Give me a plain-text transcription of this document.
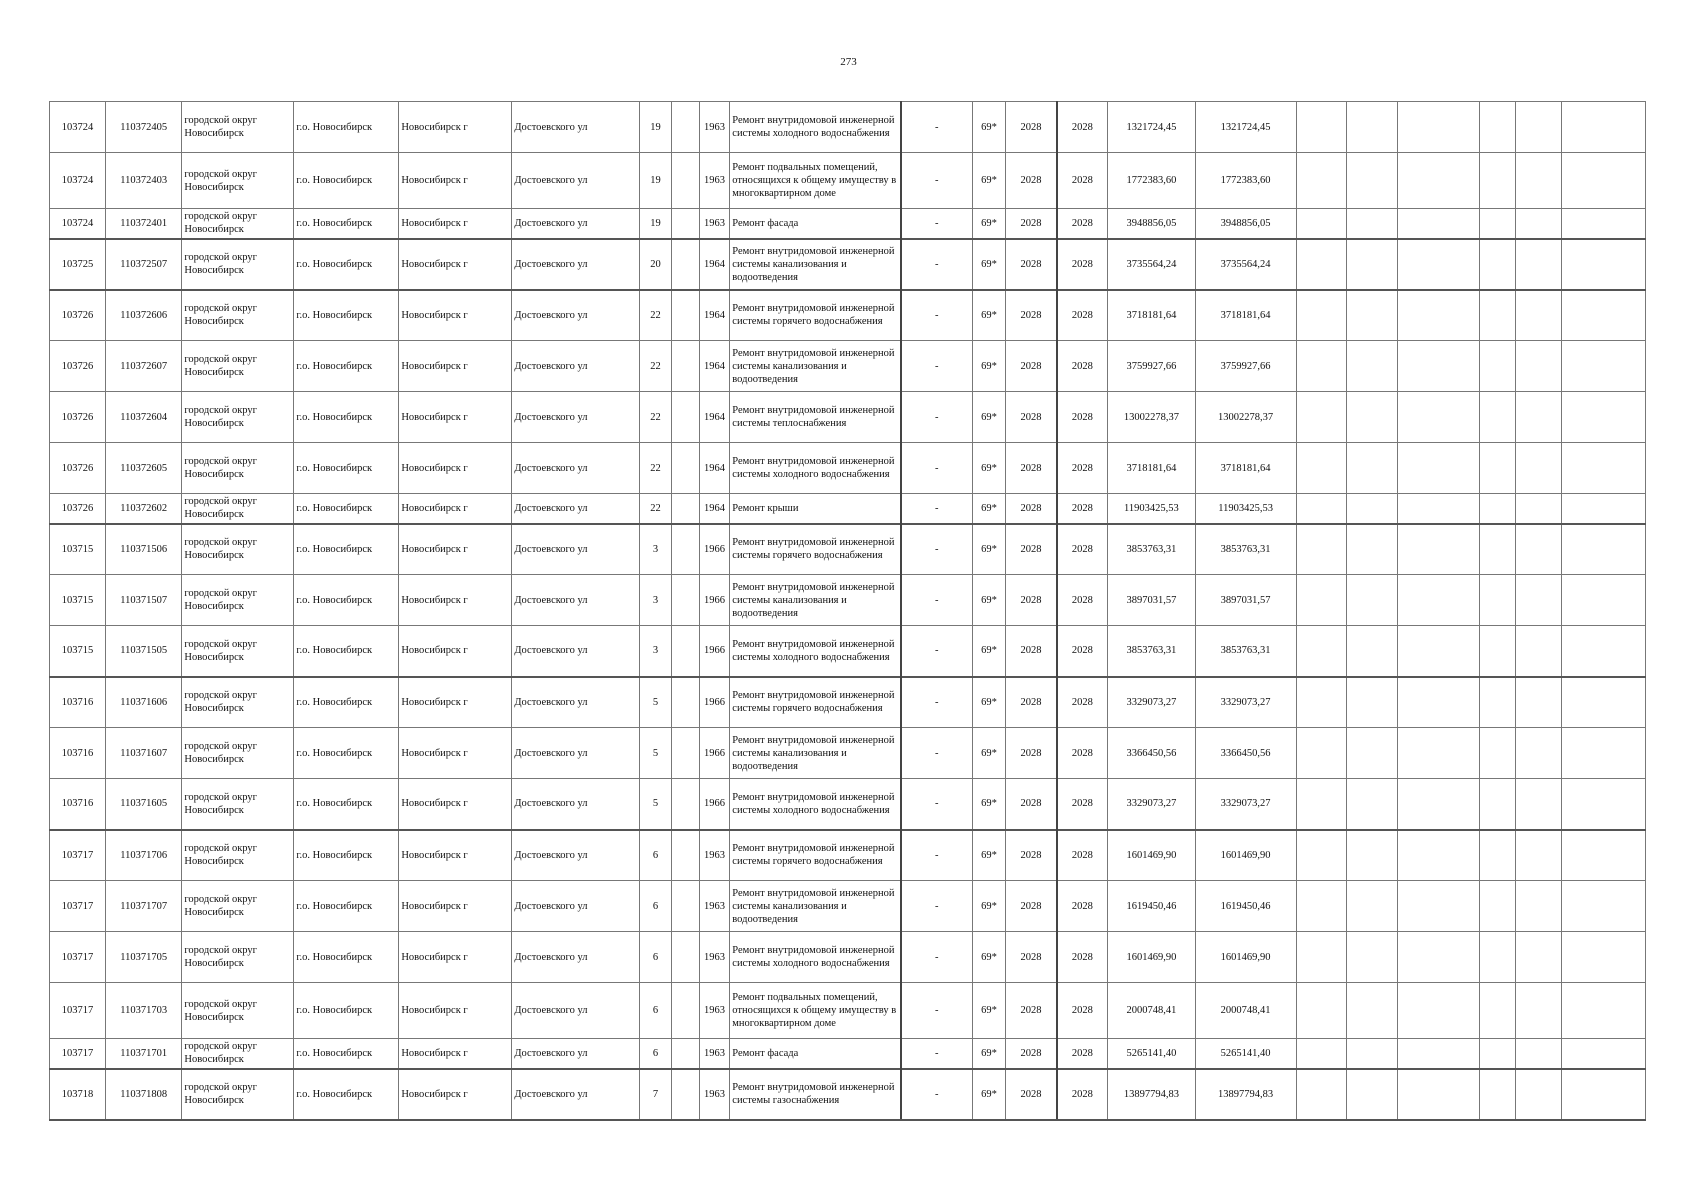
273
103724	110372405	городской округ Новосибирск	г.о. Новосибирск	Новосибирск г	Достоевского ул	19		1963	Ремонт внутридомовой инженерной системы холодного водоснабжения	-	69*	2028	2028	1321724,45	1321724,45						
103724	110372403	городской округ Новосибирск	г.о. Новосибирск	Новосибирск г	Достоевского ул	19		1963	Ремонт подвальных помещений, относящихся к общему имуществу в многоквартирном доме	-	69*	2028	2028	1772383,60	1772383,60						
103724	110372401	городской округ Новосибирск	г.о. Новосибирск	Новосибирск г	Достоевского ул	19		1963	Ремонт фасада	-	69*	2028	2028	3948856,05	3948856,05						
103725	110372507	городской округ Новосибирск	г.о. Новосибирск	Новосибирск г	Достоевского ул	20		1964	Ремонт внутридомовой инженерной системы канализования и водоотведения	-	69*	2028	2028	3735564,24	3735564,24						
103726	110372606	городской округ Новосибирск	г.о. Новосибирск	Новосибирск г	Достоевского ул	22		1964	Ремонт внутридомовой инженерной системы горячего водоснабжения	-	69*	2028	2028	3718181,64	3718181,64						
103726	110372607	городской округ Новосибирск	г.о. Новосибирск	Новосибирск г	Достоевского ул	22		1964	Ремонт внутридомовой инженерной системы канализования и водоотведения	-	69*	2028	2028	3759927,66	3759927,66						
103726	110372604	городской округ Новосибирск	г.о. Новосибирск	Новосибирск г	Достоевского ул	22		1964	Ремонт внутридомовой инженерной системы теплоснабжения	-	69*	2028	2028	13002278,37	13002278,37						
103726	110372605	городской округ Новосибирск	г.о. Новосибирск	Новосибирск г	Достоевского ул	22		1964	Ремонт внутридомовой инженерной системы холодного водоснабжения	-	69*	2028	2028	3718181,64	3718181,64						
103726	110372602	городской округ Новосибирск	г.о. Новосибирск	Новосибирск г	Достоевского ул	22		1964	Ремонт крыши	-	69*	2028	2028	11903425,53	11903425,53						
103715	110371506	городской округ Новосибирск	г.о. Новосибирск	Новосибирск г	Достоевского ул	3		1966	Ремонт внутридомовой инженерной системы горячего водоснабжения	-	69*	2028	2028	3853763,31	3853763,31						
103715	110371507	городской округ Новосибирск	г.о. Новосибирск	Новосибирск г	Достоевского ул	3		1966	Ремонт внутридомовой инженерной системы канализования и водоотведения	-	69*	2028	2028	3897031,57	3897031,57						
103715	110371505	городской округ Новосибирск	г.о. Новосибирск	Новосибирск г	Достоевского ул	3		1966	Ремонт внутридомовой инженерной системы холодного водоснабжения	-	69*	2028	2028	3853763,31	3853763,31						
103716	110371606	городской округ Новосибирск	г.о. Новосибирск	Новосибирск г	Достоевского ул	5		1966	Ремонт внутридомовой инженерной системы горячего водоснабжения	-	69*	2028	2028	3329073,27	3329073,27						
103716	110371607	городской округ Новосибирск	г.о. Новосибирск	Новосибирск г	Достоевского ул	5		1966	Ремонт внутридомовой инженерной системы канализования и водоотведения	-	69*	2028	2028	3366450,56	3366450,56						
103716	110371605	городской округ Новосибирск	г.о. Новосибирск	Новосибирск г	Достоевского ул	5		1966	Ремонт внутридомовой инженерной системы холодного водоснабжения	-	69*	2028	2028	3329073,27	3329073,27						
103717	110371706	городской округ Новосибирск	г.о. Новосибирск	Новосибирск г	Достоевского ул	6		1963	Ремонт внутридомовой инженерной системы горячего водоснабжения	-	69*	2028	2028	1601469,90	1601469,90						
103717	110371707	городской округ Новосибирск	г.о. Новосибирск	Новосибирск г	Достоевского ул	6		1963	Ремонт внутридомовой инженерной системы канализования и водоотведения	-	69*	2028	2028	1619450,46	1619450,46						
103717	110371705	городской округ Новосибирск	г.о. Новосибирск	Новосибирск г	Достоевского ул	6		1963	Ремонт внутридомовой инженерной системы холодного водоснабжения	-	69*	2028	2028	1601469,90	1601469,90						
103717	110371703	городской округ Новосибирск	г.о. Новосибирск	Новосибирск г	Достоевского ул	6		1963	Ремонт подвальных помещений, относящихся к общему имуществу в многоквартирном доме	-	69*	2028	2028	2000748,41	2000748,41						
103717	110371701	городской округ Новосибирск	г.о. Новосибирск	Новосибирск г	Достоевского ул	6		1963	Ремонт фасада	-	69*	2028	2028	5265141,40	5265141,40						
103718	110371808	городской округ Новосибирск	г.о. Новосибирск	Новосибирск г	Достоевского ул	7		1963	Ремонт внутридомовой инженерной системы газоснабжения	-	69*	2028	2028	13897794,83	13897794,83						
